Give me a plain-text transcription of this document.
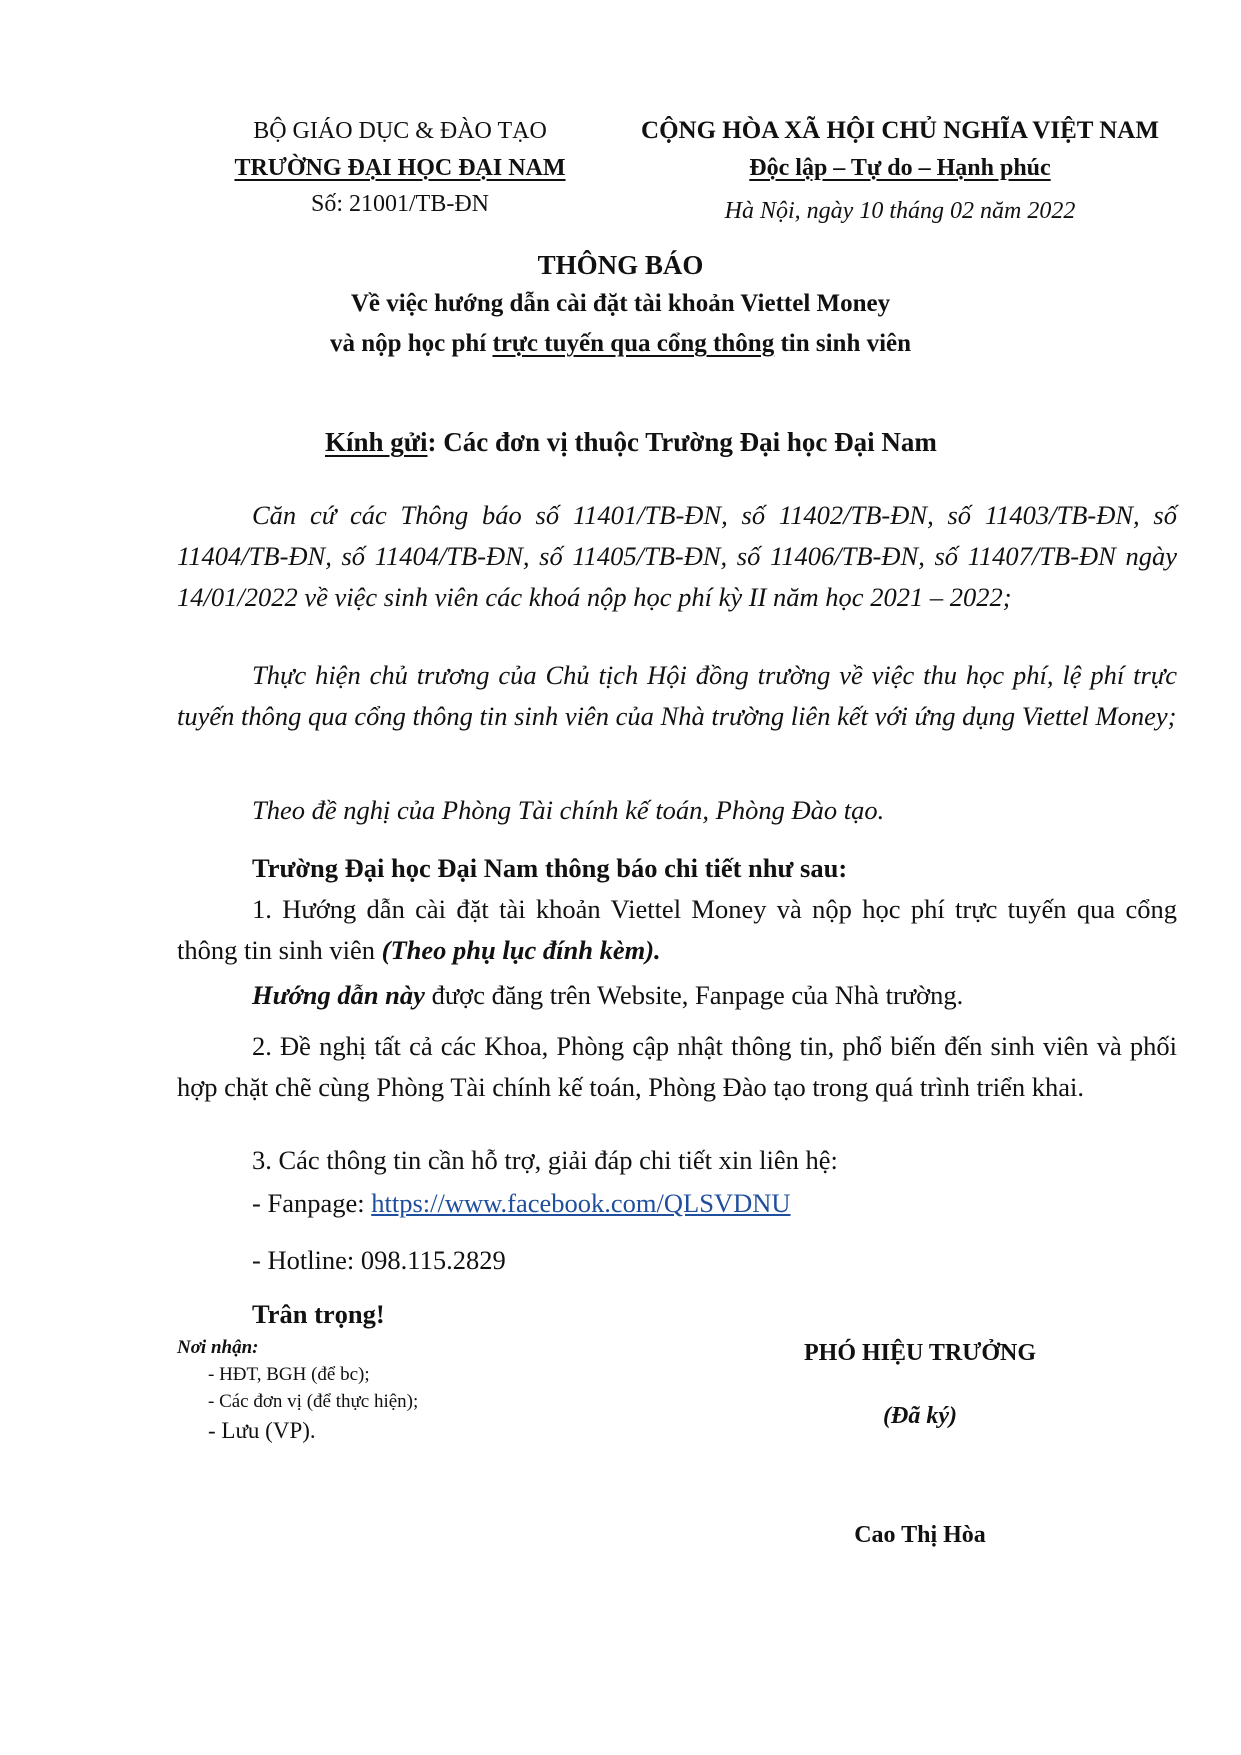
BỘ GIÁO DỤC & ĐÀO TẠO
TRƯỜNG ĐẠI HỌC ĐẠI NAM
Số: 21001/TB-ĐN
CỘNG HÒA XÃ HỘI CHỦ NGHĨA VIỆT NAM
Độc lập – Tự do – Hạnh phúc
Hà Nội, ngày 10 tháng 02 năm 2022
THÔNG BÁO
Về việc hướng dẫn cài đặt tài khoản Viettel Money
và nộp học phí trực tuyến qua cổng thông tin sinh viên
Kính gửi: Các đơn vị thuộc Trường Đại học Đại Nam
Căn cứ các Thông báo số 11401/TB-ĐN, số 11402/TB-ĐN, số 11403/TB-ĐN, số 11404/TB-ĐN, số 11404/TB-ĐN, số 11405/TB-ĐN, số 11406/TB-ĐN, số 11407/TB-ĐN ngày 14/01/2022 về việc sinh viên các khoá nộp học phí kỳ II năm học 2021 – 2022;
Thực hiện chủ trương của Chủ tịch Hội đồng trường về việc thu học phí, lệ phí trực tuyến thông qua cổng thông tin sinh viên của Nhà trường liên kết với ứng dụng Viettel Money;
Theo đề nghị của Phòng Tài chính kế toán, Phòng Đào tạo.
Trường Đại học Đại Nam thông báo chi tiết như sau:
1. Hướng dẫn cài đặt tài khoản Viettel Money và nộp học phí trực tuyến qua cổng thông tin sinh viên (Theo phụ lục đính kèm).
Hướng dẫn này được đăng trên Website, Fanpage của Nhà trường.
2. Đề nghị tất cả các Khoa, Phòng cập nhật thông tin, phổ biến đến sinh viên và phối hợp chặt chẽ cùng Phòng Tài chính kế toán, Phòng Đào tạo trong quá trình triển khai.
3. Các thông tin cần hỗ trợ, giải đáp chi tiết xin liên hệ:
- Fanpage: https://www.facebook.com/QLSVDNU
- Hotline: 098.115.2829
Trân trọng!
Nơi nhận:
- HĐT, BGH (để bc);
- Các đơn vị (để thực hiện);
- Lưu (VP).
PHÓ HIỆU TRƯỞNG
(Đã ký)
Cao Thị Hòa
